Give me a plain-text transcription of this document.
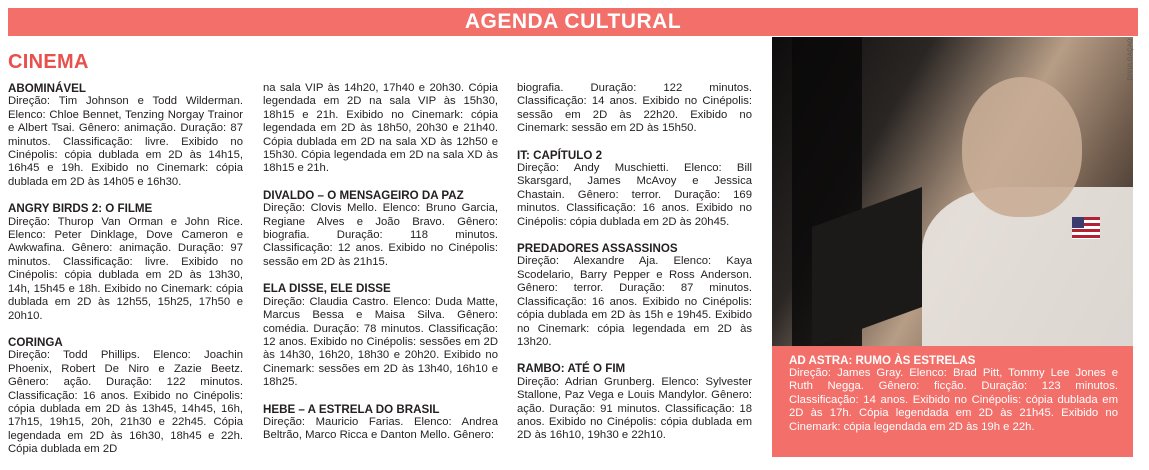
AGENDA CULTURAL
CINEMA

ABOMINÁVEL

Direção: Tim Johnson e Todd Wilderman. Elenco: Chloe Bennet, Tenzing Norgay Trainor e Albert Tsai. Gênero: animação. Duração: 87 minutos. Classificação: livre. Exibido no Cinépolis: cópia dublada em 2D às 14h15, 16h45 e 19h. Exibido no Cinemark: cópia dublada em 2D às 14h05 e 16h30.

ANGRY BIRDS 2: O FILME

Direção: Thurop Van Orman e John Rice. Elenco: Peter Dinklage, Dove Cameron e Awkwafina. Gênero: animação. Duração: 97 minutos. Classificação: livre. Exibido no Cinépolis: cópia dublada em 2D às 13h30, 14h, 15h45 e 18h. Exibido no Cinemark: cópia dublada em 2D às 12h55, 15h25, 17h50 e 20h10.

CORINGA

Direção: Todd Phillips. Elenco: Joachin Phoenix, Robert De Niro e Zazie Beetz. Gênero: ação. Duração: 122 minutos. Classificação: 16 anos. Exibido no Cinépolis: cópia dublada em 2D às 13h45, 14h45, 16h, 17h15, 19h15, 20h, 21h30 e 22h45. Cópia legendada em 2D às 16h30, 18h45 e 22h. Cópia dublada em 2D

na sala VIP às 14h20, 17h40 e 20h30. Cópia legendada em 2D na sala VIP às 15h30, 18h15 e 21h. Exibido no Cinemark: cópia legendada em 2D às 18h50, 20h30 e 21h40. Cópia dublada em 2D na sala XD às 12h50 e 15h30. Cópia legendada em 2D na sala XD às 18h15 e 21h.

DIVALDO – O MENSAGEIRO DA PAZ

Direção: Clovis Mello. Elenco: Bruno Garcia, Regiane Alves e João Bravo. Gênero: biografia. Duração: 118 minutos. Classificação: 12 anos. Exibido no Cinépolis: sessão em 2D às 21h15.

ELA DISSE, ELE DISSE

Direção: Claudia Castro. Elenco: Duda Matte, Marcus Bessa e Maisa Silva. Gênero: comédia. Duração: 78 minutos. Classificação: 12 anos. Exibido no Cinépolis: sessões em 2D às 14h30, 16h20, 18h30 e 20h20. Exibido no Cinemark: sessões em 2D às 13h40, 16h10 e 18h25.

HEBE – A ESTRELA DO BRASIL

Direção: Mauricio Farias. Elenco: Andrea Beltrão, Marco Ricca e Danton Mello. Gênero:

biografia. Duração: 122 minutos. Classificação: 14 anos. Exibido no Cinépolis: sessão em 2D às 22h20. Exibido no Cinemark: sessão em 2D às 15h50.

IT: CAPÍTULO 2

Direção: Andy Muschietti. Elenco: Bill Skarsgard, James McAvoy e Jessica Chastain. Gênero: terror. Duração: 169 minutos. Classificação: 16 anos. Exibido no Cinépolis: cópia dublada em 2D às 20h45.

PREDADORES ASSASSINOS

Direção: Alexandre Aja. Elenco: Kaya Scodelario, Barry Pepper e Ross Anderson. Gênero: terror. Duração: 87 minutos. Classificação: 16 anos. Exibido no Cinépolis: cópia dublada em 2D às 15h e 19h45. Exibido no Cinemark: cópia legendada em 2D às 13h20.

RAMBO: ATÉ O FIM

Direção: Adrian Grunberg. Elenco: Sylvester Stallone, Paz Vega e Louis Mandylor. Gênero: ação. Duração: 91 minutos. Classificação: 18 anos. Exibido no Cinépolis: cópia dublada em 2D às 16h10, 19h30 e 22h10.

DIVULGAÇÃO

AD ASTRA: RUMO ÀS ESTRELAS

Direção: James Gray. Elenco: Brad Pitt, Tommy Lee Jones e Ruth Negga. Gênero: ficção. Duração: 123 minutos. Classificação: 14 anos. Exibido no Cinépolis: cópia dublada em 2D às 17h. Cópia legendada em 2D às 21h45. Exibido no Cinemark: cópia legendada em 2D às 19h e 22h.
